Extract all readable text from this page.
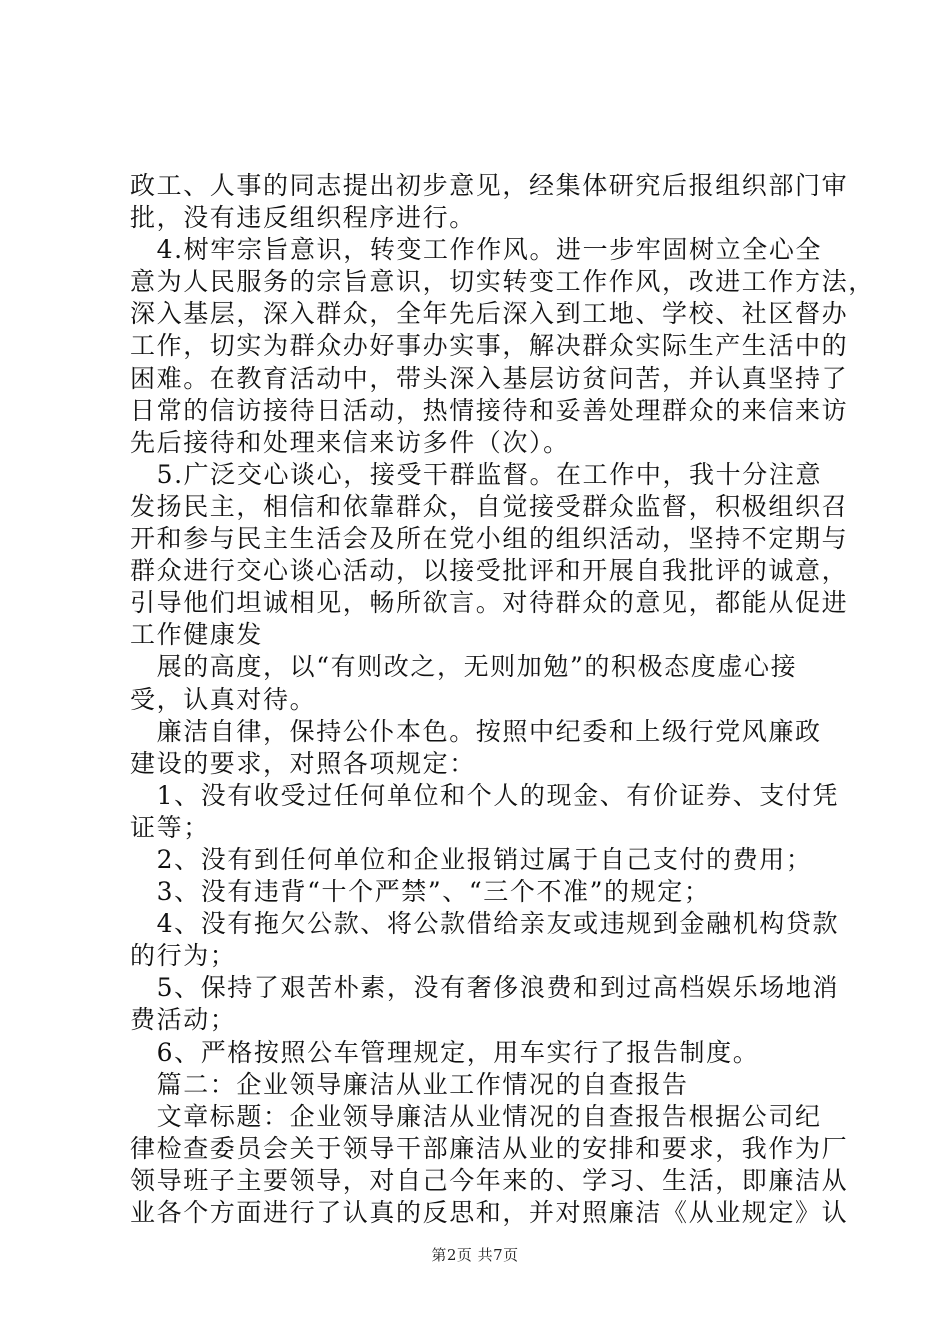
政工、人事的同志提出初步意见，经集体研究后报组织部门审
批，没有违反组织程序进行。
　4.树牢宗旨意识，转变工作作风。进一步牢固树立全心全
意为人民服务的宗旨意识，切实转变工作作风，改进工作方法，
深入基层，深入群众，全年先后深入到工地、学校、社区督办
工作，切实为群众办好事办实事，解决群众实际生产生活中的
困难。在教育活动中，带头深入基层访贫问苦，并认真坚持了
日常的信访接待日活动，热情接待和妥善处理群众的来信来访
先后接待和处理来信来访多件（次）。
　5.广泛交心谈心，接受干群监督。在工作中，我十分注意
发扬民主，相信和依靠群众，自觉接受群众监督，积极组织召
开和参与民主生活会及所在党小组的组织活动，坚持不定期与
群众进行交心谈心活动，以接受批评和开展自我批评的诚意，
引导他们坦诚相见，畅所欲言。对待群众的意见，都能从促进
工作健康发
　展的高度，以“有则改之，无则加勉”的积极态度虚心接
受，认真对待。
　廉洁自律，保持公仆本色。按照中纪委和上级行党风廉政
建设的要求，对照各项规定：
　1、没有收受过任何单位和个人的现金、有价证券、支付凭
证等；
　2、没有到任何单位和企业报销过属于自己支付的费用；
　3、没有违背“十个严禁”、“三个不准”的规定；
　4、没有拖欠公款、将公款借给亲友或违规到金融机构贷款
的行为；
　5、保持了艰苦朴素，没有奢侈浪费和到过高档娱乐场地消
费活动；
　6、严格按照公车管理规定，用车实行了报告制度。
　篇二：企业领导廉洁从业工作情况的自查报告
　文章标题：企业领导廉洁从业情况的自查报告根据公司纪
律检查委员会关于领导干部廉洁从业的安排和要求，我作为厂
领导班子主要领导，对自己今年来的、学习、生活，即廉洁从
业各个方面进行了认真的反思和，并对照廉洁《从业规定》认
第2页 共7页
